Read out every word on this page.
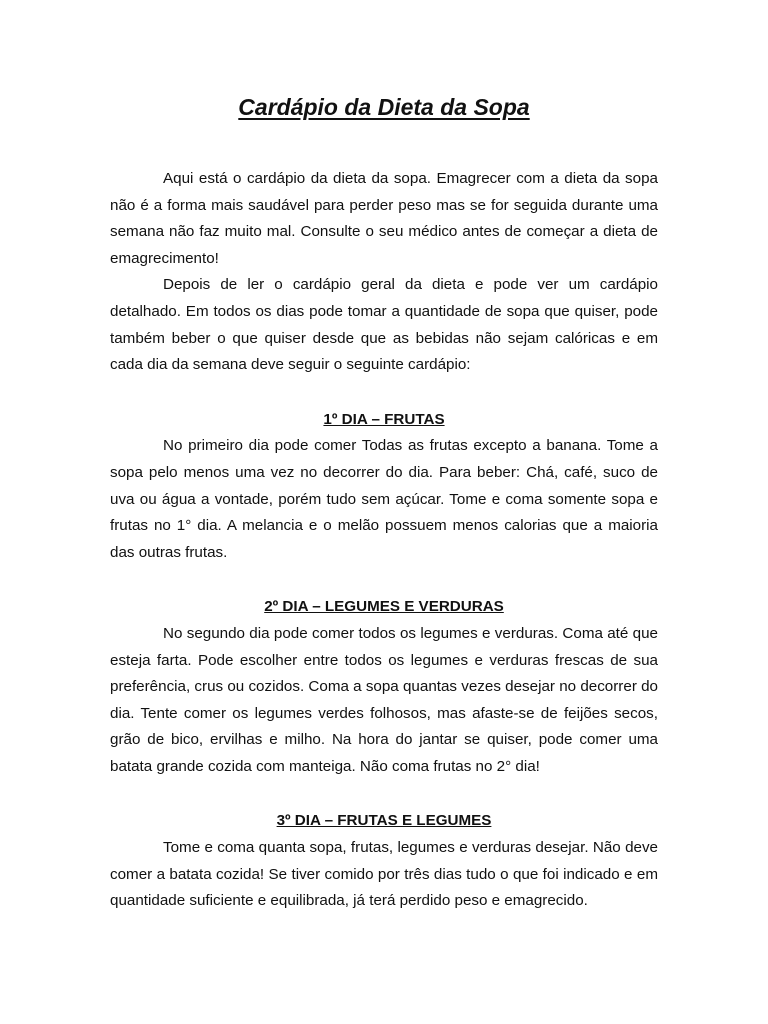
Cardápio da Dieta da Sopa

Aqui está o cardápio da dieta da sopa. Emagrecer com a dieta da sopa não é a forma mais saudável para perder peso mas se for seguida durante uma semana não faz muito mal. Consulte o seu médico antes de começar a dieta de emagrecimento!

Depois de ler o cardápio geral da dieta e pode ver um cardápio detalhado. Em todos os dias pode tomar a quantidade de sopa que quiser, pode também beber o que quiser desde que as bebidas não sejam calóricas e em cada dia da semana deve seguir o seguinte cardápio:

1º DIA – FRUTAS

No primeiro dia pode comer Todas as frutas excepto a banana. Tome a sopa pelo menos uma vez no decorrer do dia. Para beber: Chá, café, suco de uva ou água a vontade, porém tudo sem açúcar. Tome e coma somente sopa e frutas no 1° dia. A melancia e o melão possuem menos calorias que a maioria das outras frutas.

2º DIA – LEGUMES E VERDURAS

No segundo dia pode comer todos os legumes e verduras. Coma até que esteja farta. Pode escolher entre todos os legumes e verduras frescas de sua preferência, crus ou cozidos. Coma a sopa quantas vezes desejar no decorrer do dia. Tente comer os legumes verdes folhosos, mas afaste-se de feijões secos, grão de bico, ervilhas e milho. Na hora do jantar se quiser, pode comer uma batata grande cozida com manteiga. Não coma frutas no 2° dia!

3º DIA – FRUTAS E LEGUMES

Tome e coma quanta sopa, frutas, legumes e verduras desejar. Não deve comer a batata cozida! Se tiver comido por três dias tudo o que foi indicado e em quantidade suficiente e equilibrada, já terá perdido peso e emagrecido.
